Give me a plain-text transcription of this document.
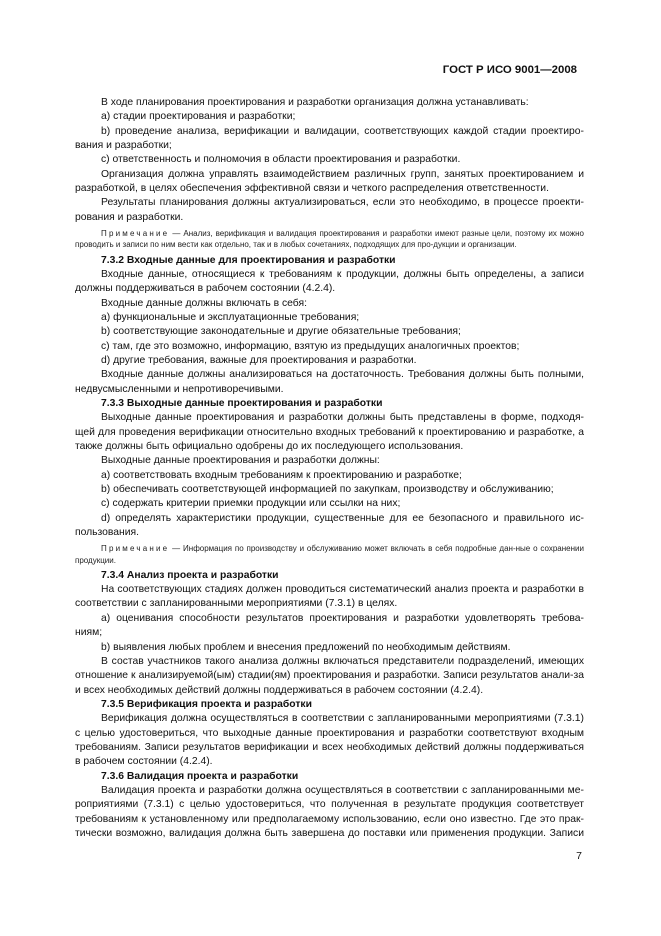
ГОСТ Р ИСО 9001—2008

В ходе планирования проектирования и разработки организация должна устанавливать:

а) стадии проектирования и разработки;

b) проведение анализа, верификации и валидации, соответствующих каждой стадии проектиро-

вания и разработки;

с) ответственность и полномочия в области проектирования и разработки.

Организация должна управлять взаимодействием различных групп, занятых проектированием и разработкой, в целях обеспечения эффективной связи и четкого распределения ответственности.

Результаты планирования должны актуализироваться, если это необходимо, в процессе проекти-рования и разработки.

Примечание — Анализ, верификация и валидация проектирования и разработки имеют разные цели, поэтому их можно проводить и записи по ним вести как отдельно, так и в любых сочетаниях, подходящих для про-дукции и организации.

7.3.2 Входные данные для проектирования и разработки

Входные данные, относящиеся к требованиям к продукции, должны быть определены, а записи должны поддерживаться в рабочем состоянии (4.2.4).

Входные данные должны включать в себя:

а) функциональные и эксплуатационные требования;

b) соответствующие законодательные и другие обязательные требования;

с) там, где это возможно, информацию, взятую из предыдущих аналогичных проектов;

d) другие требования, важные для проектирования и разработки.

Входные данные должны анализироваться на достаточность. Требования должны быть полными, недвусмысленными и непротиворечивыми.

7.3.3 Выходные данные проектирования и разработки

Выходные данные проектирования и разработки должны быть представлены в форме, подходя-щей для проведения верификации относительно входных требований к проектированию и разработке, а также должны быть официально одобрены до их последующего использования.

Выходные данные проектирования и разработки должны:

а) соответствовать входным требованиям к проектированию и разработке;

b) обеспечивать соответствующей информацией по закупкам, производству и обслуживанию;

с) содержать критерии приемки продукции или ссылки на них;

d) определять характеристики продукции, существенные для ее безопасного и правильного ис-

пользования.

Примечание — Информация по производству и обслуживанию может включать в себя подробные дан-ные о сохранении продукции.

7.3.4 Анализ проекта и разработки

На соответствующих стадиях должен проводиться систематический анализ проекта и разработки в соответствии с запланированными мероприятиями (7.3.1) в целях.

а) оценивания способности результатов проектирования и разработки удовлетворять требова-

ниям;

b) выявления любых проблем и внесения предложений по необходимым действиям.

В состав участников такого анализа должны включаться представители подразделений, имеющих отношение к анализируемой(ым) стадии(ям) проектирования и разработки. Записи результатов анали-за и всех необходимых действий должны поддерживаться в рабочем состоянии (4.2.4).

7.3.5 Верификация проекта и разработки

Верификация должна осуществляться в соответствии с запланированными мероприятиями (7.3.1) с целью удостовериться, что выходные данные проектирования и разработки соответствуют входным требованиям. Записи результатов верификации и всех необходимых действий должны поддерживаться в рабочем состоянии (4.2.4).

7.3.6 Валидация проекта и разработки

Валидация проекта и разработки должна осуществляться в соответствии с запланированными ме-роприятиями (7.3.1) с целью удостовериться, что полученная в результате продукция соответствует требованиям к установленному или предполагаемому использованию, если оно известно. Где это прак-тически возможно, валидация должна быть завершена до поставки или применения продукции. Записи

7
